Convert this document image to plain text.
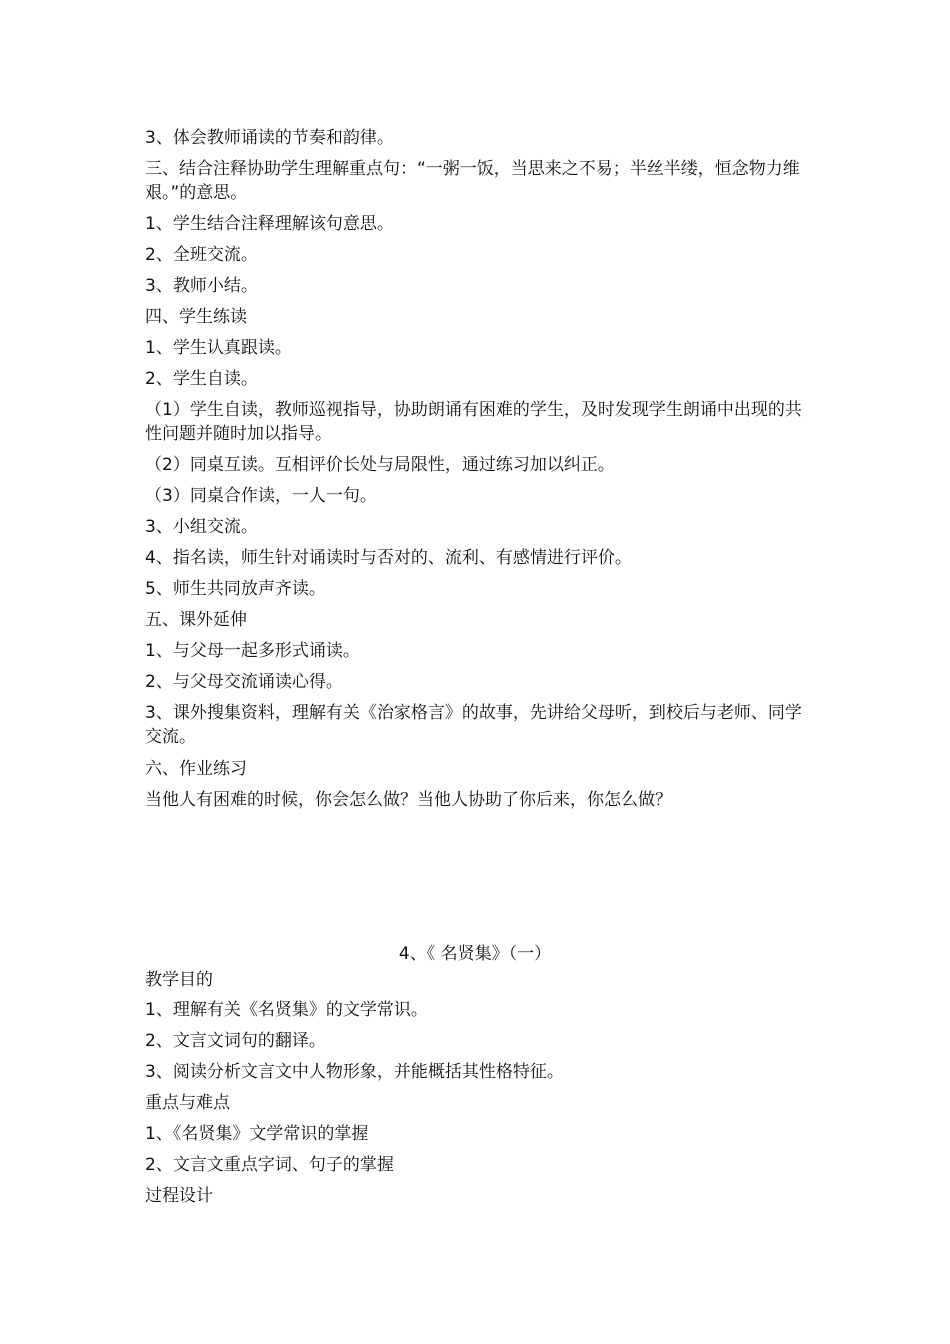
3、体会教师诵读的节奏和韵律。

三、结合注释协助学生理解重点句：“一粥一饭，当思来之不易；半丝半缕，恒念物力维艰。”的意思。

1、学生结合注释理解该句意思。

2、全班交流。

3、教师小结。

四、学生练读

1、学生认真跟读。

2、学生自读。

（1）学生自读，教师巡视指导，协助朗诵有困难的学生，及时发现学生朗诵中出现的共性问题并随时加以指导。

（2）同桌互读。互相评价长处与局限性，通过练习加以纠正。

（3）同桌合作读，一人一句。

3、小组交流。

4、指名读，师生针对诵读时与否对的、流利、有感情进行评价。

5、师生共同放声齐读。

五、课外延伸

1、与父母一起多形式诵读。

2、与父母交流诵读心得。

3、课外搜集资料，理解有关《治家格言》的故事，先讲给父母听，到校后与老师、同学交流。

六、作业练习

当他人有困难的时候，你会怎么做？当他人协助了你后来，你怎么做？

4、《 名贤集》（一）

教学目的

1、理解有关《名贤集》的文学常识。

2、文言文词句的翻译。

3、阅读分析文言文中人物形象，并能概括其性格特征。

重点与难点

1、《名贤集》文学常识的掌握

2、文言文重点字词、句子的掌握

过程设计
